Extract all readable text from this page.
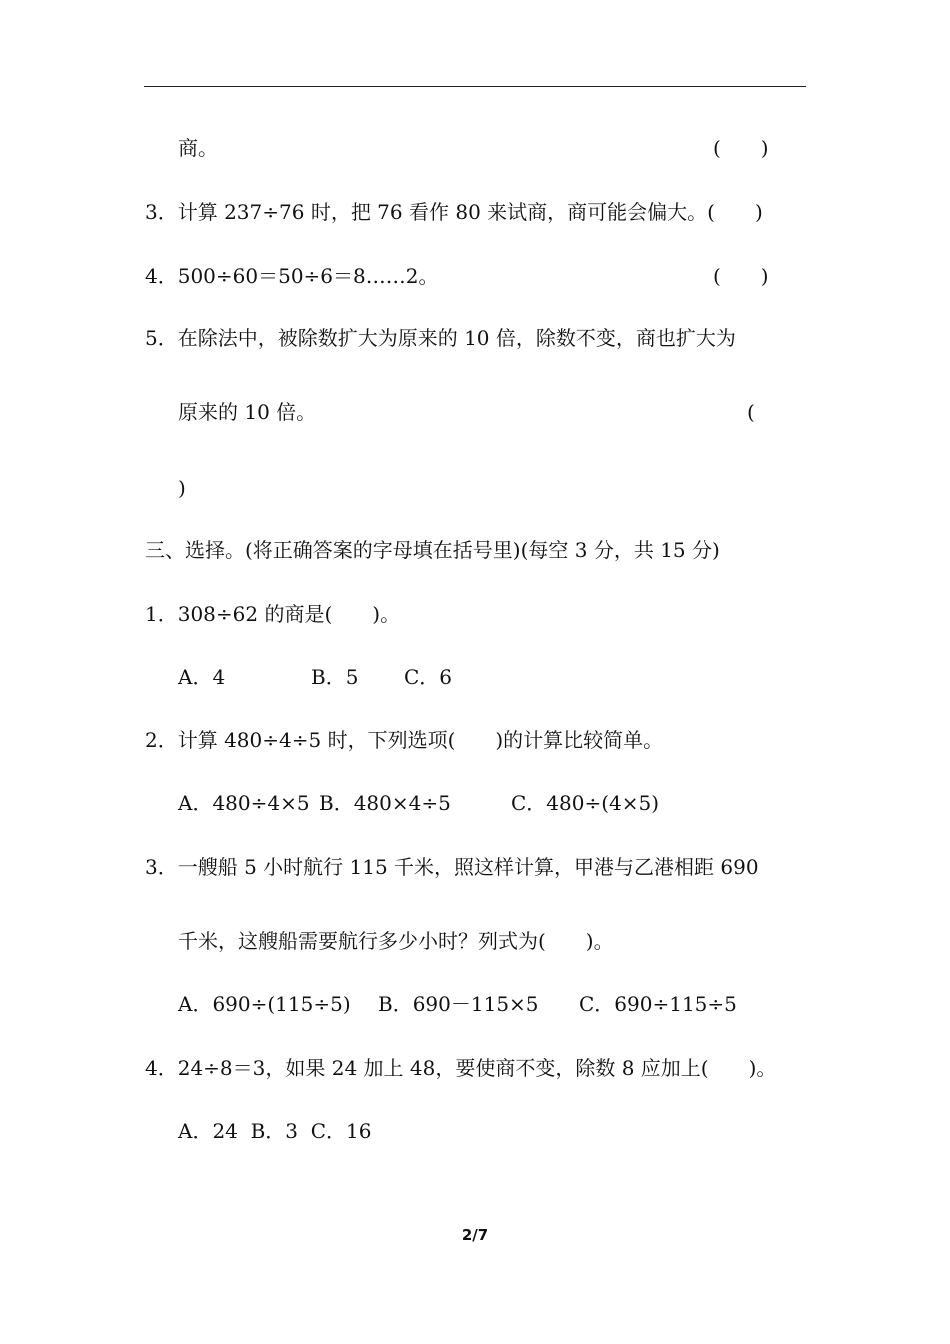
商。	(　　)
3．计算 237÷76 时，把 76 看作 80 来试商，商可能会偏大。(　　)
4．500÷60＝50÷6＝8……2。	(　　)
5．在除法中，被除数扩大为原来的 10 倍，除数不变，商也扩大为
原来的 10 倍。	(
)
三、选择。(将正确答案的字母填在括号里)(每空 3 分，共 15 分)
1．308÷62 的商是(　　)。
A．4	B．5 C．6
2．计算 480÷4÷5 时，下列选项(　　)的计算比较简单。
A．480÷4×5 B．480×4÷5	C．480÷(4×5)
3．一艘船 5 小时航行 115 千米，照这样计算，甲港与乙港相距 690
千米，这艘船需要航行多少小时？列式为(　　)。
A．690÷(115÷5) B．690－115×5 C．690÷115÷5
4．24÷8＝3，如果 24 加上 48，要使商不变，除数 8 应加上(　　)。
A．24  B．3  C．16
2/7
